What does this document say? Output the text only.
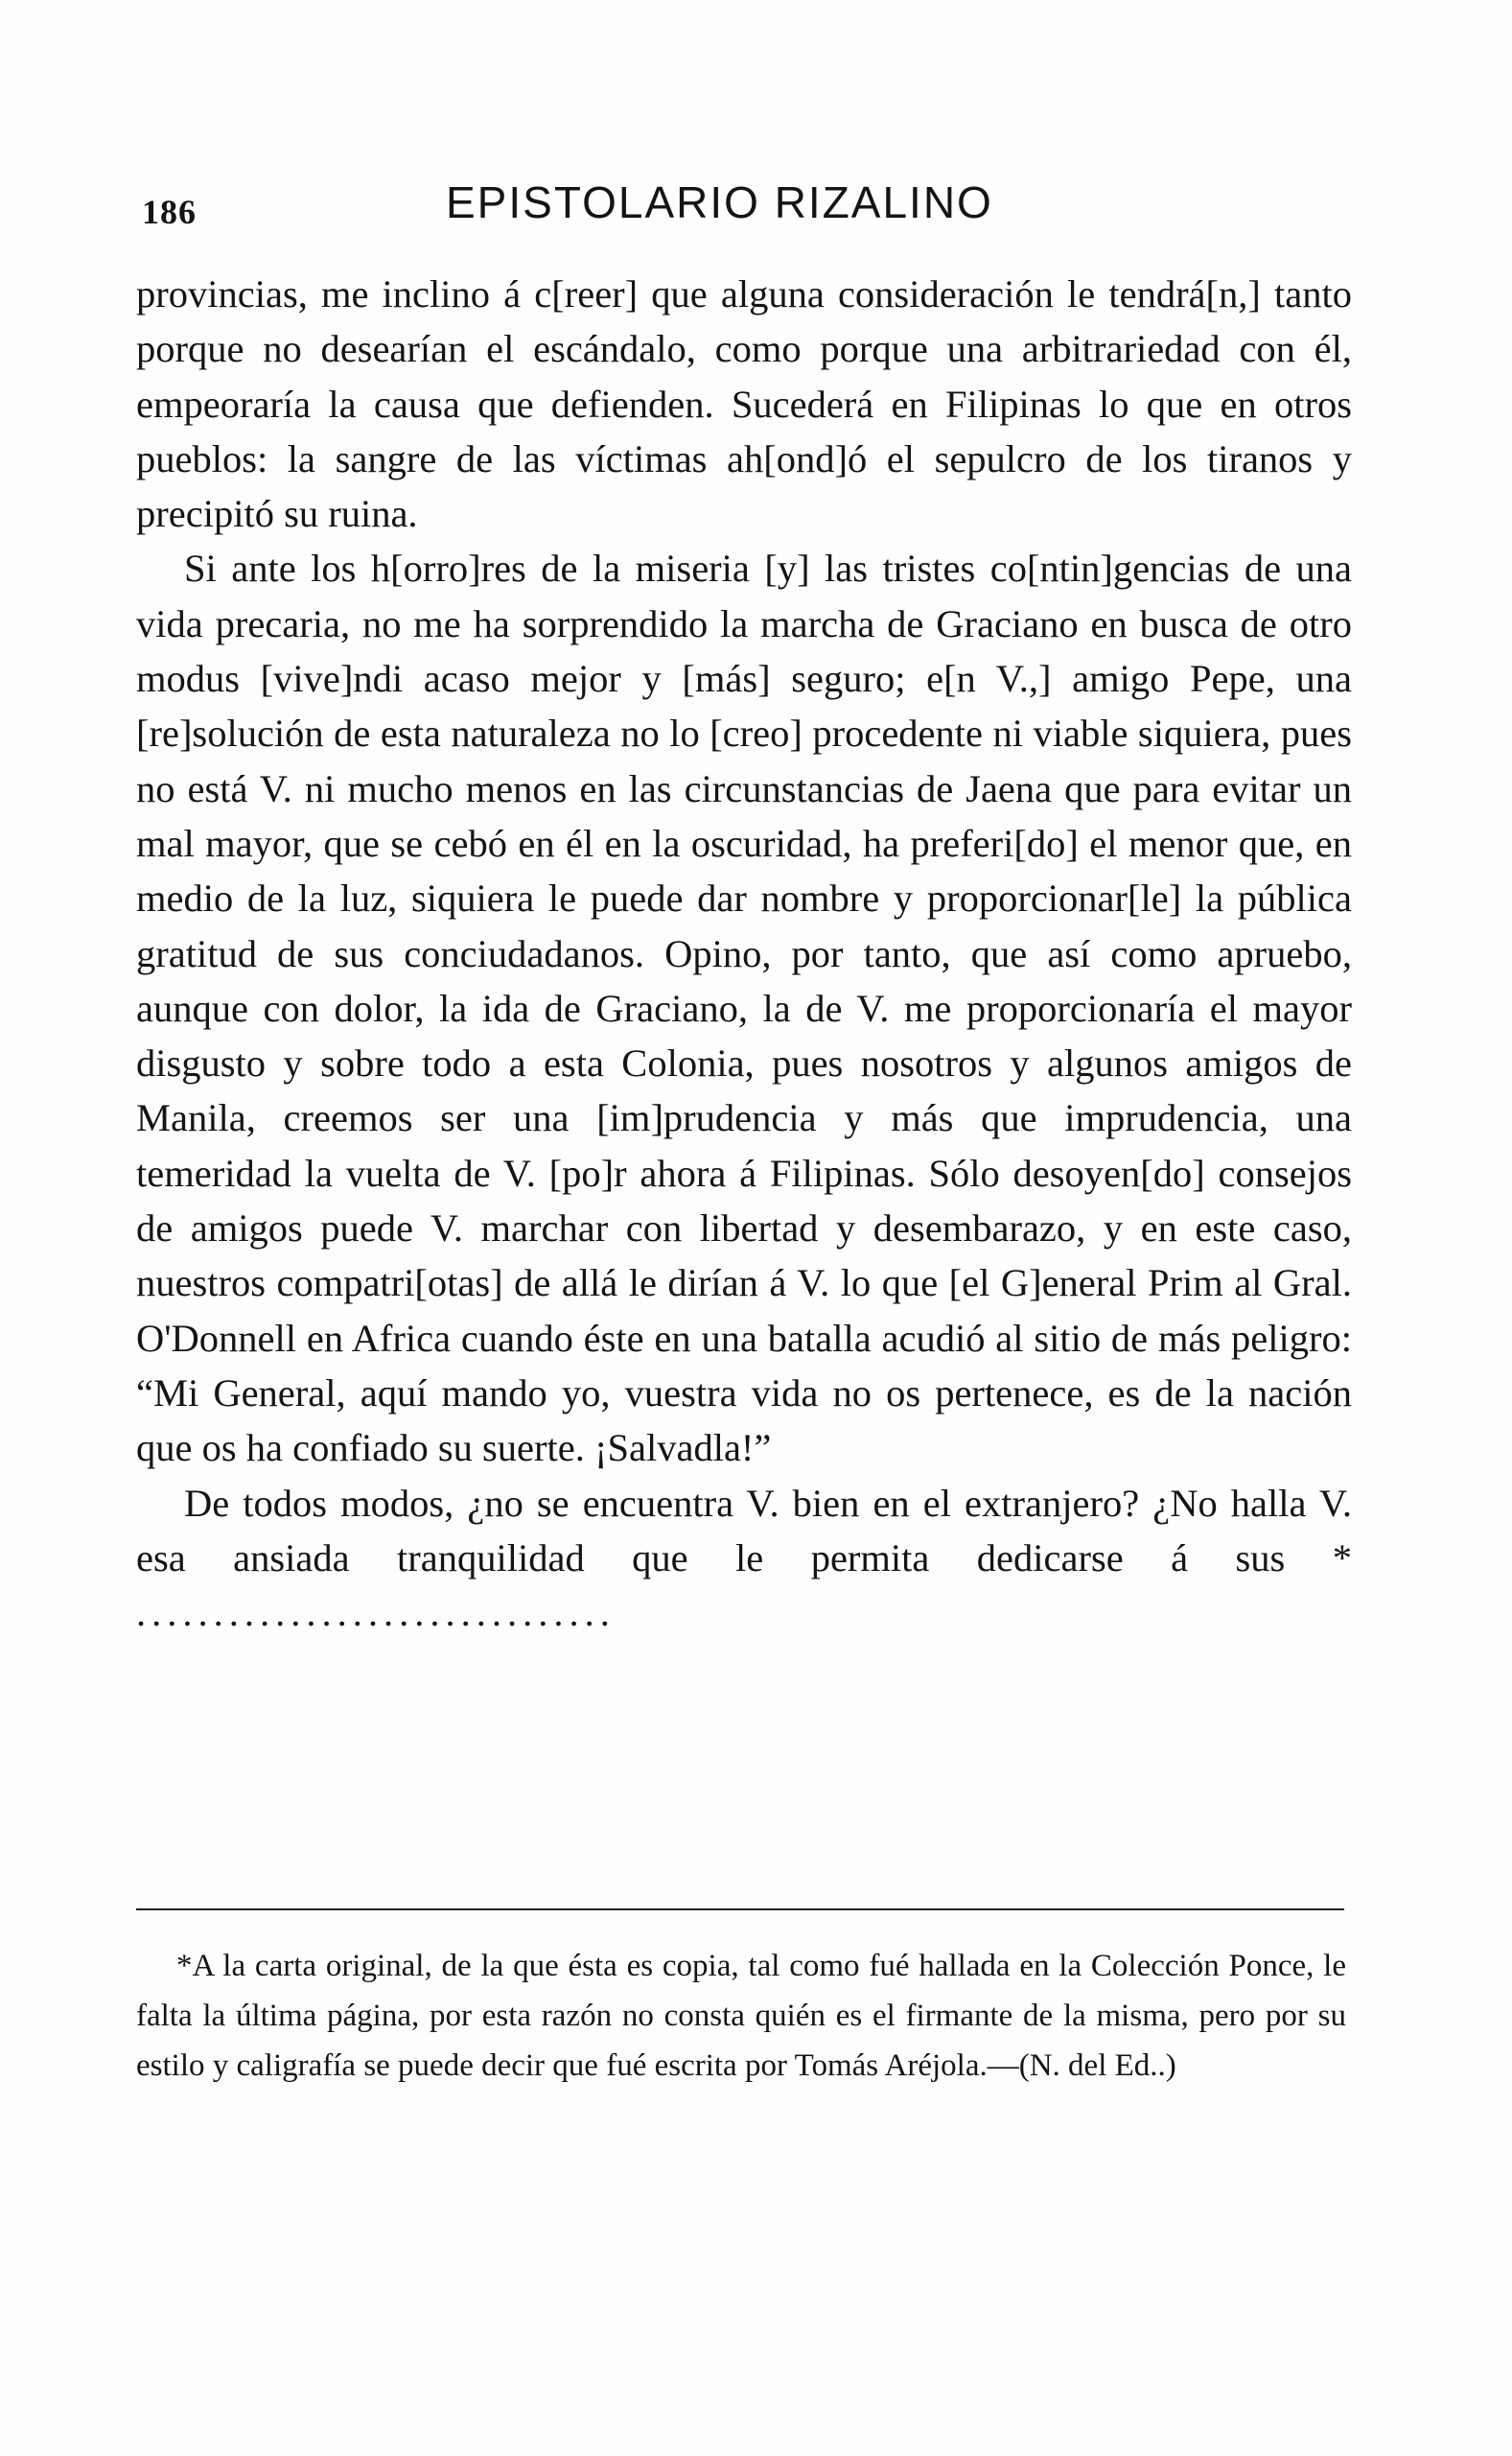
186	EPISTOLARIO RIZALINO

provincias, me inclino á c[reer] que alguna consideración le tendrá[n,] tanto porque no desearían el escándalo, como porque una arbitrariedad con él, empeoraría la causa que defienden. Sucederá en Filipinas lo que en otros pueblos: la sangre de las víctimas ah[ond]ó el sepulcro de los tiranos y precipitó su ruina.

Si ante los h[orro]res de la miseria [y] las tristes co[ntin]gencias de una vida precaria, no me ha sorprendido la marcha de Graciano en busca de otro modus [vive]ndi acaso mejor y [más] seguro; e[n V.,] amigo Pepe, una [re]solución de esta naturaleza no lo [creo] procedente ni viable siquiera, pues no está V. ni mucho menos en las circunstancias de Jaena que para evitar un mal mayor, que se cebó en él en la oscuridad, ha preferi[do] el menor que, en medio de la luz, siquiera le puede dar nombre y proporcionar[le] la pública gratitud de sus conciudadanos. Opino, por tanto, que así como apruebo, aunque con dolor, la ida de Graciano, la de V. me proporcionaría el mayor disgusto y sobre todo a esta Colonia, pues nosotros y algunos amigos de Manila, creemos ser una [im]prudencia y más que imprudencia, una temeridad la vuelta de V. [po]r ahora á Filipinas. Sólo desoyen[do] consejos de amigos puede V. marchar con libertad y desembarazo, y en este caso, nuestros compatri[otas] de allá le dirían á V. lo que [el G]eneral Prim al Gral. O'Donnell en Africa cuando éste en una batalla acudió al sitio de más peligro: “Mi General, aquí mando yo, vuestra vida no os pertenece, es de la nación que os ha confiado su suerte. ¡Salvadla!”

De todos modos, ¿no se encuentra V. bien en el extranjero? ¿No halla V. esa ansiada tranquilidad que le permita dedicarse á sus * ...............................

*A la carta original, de la que ésta es copia, tal como fué hallada en la Colección Ponce, le falta la última página, por esta razón no consta quién es el firmante de la misma, pero por su estilo y caligrafía se puede decir que fué escrita por Tomás Aréjola.—(N. del Ed..)
